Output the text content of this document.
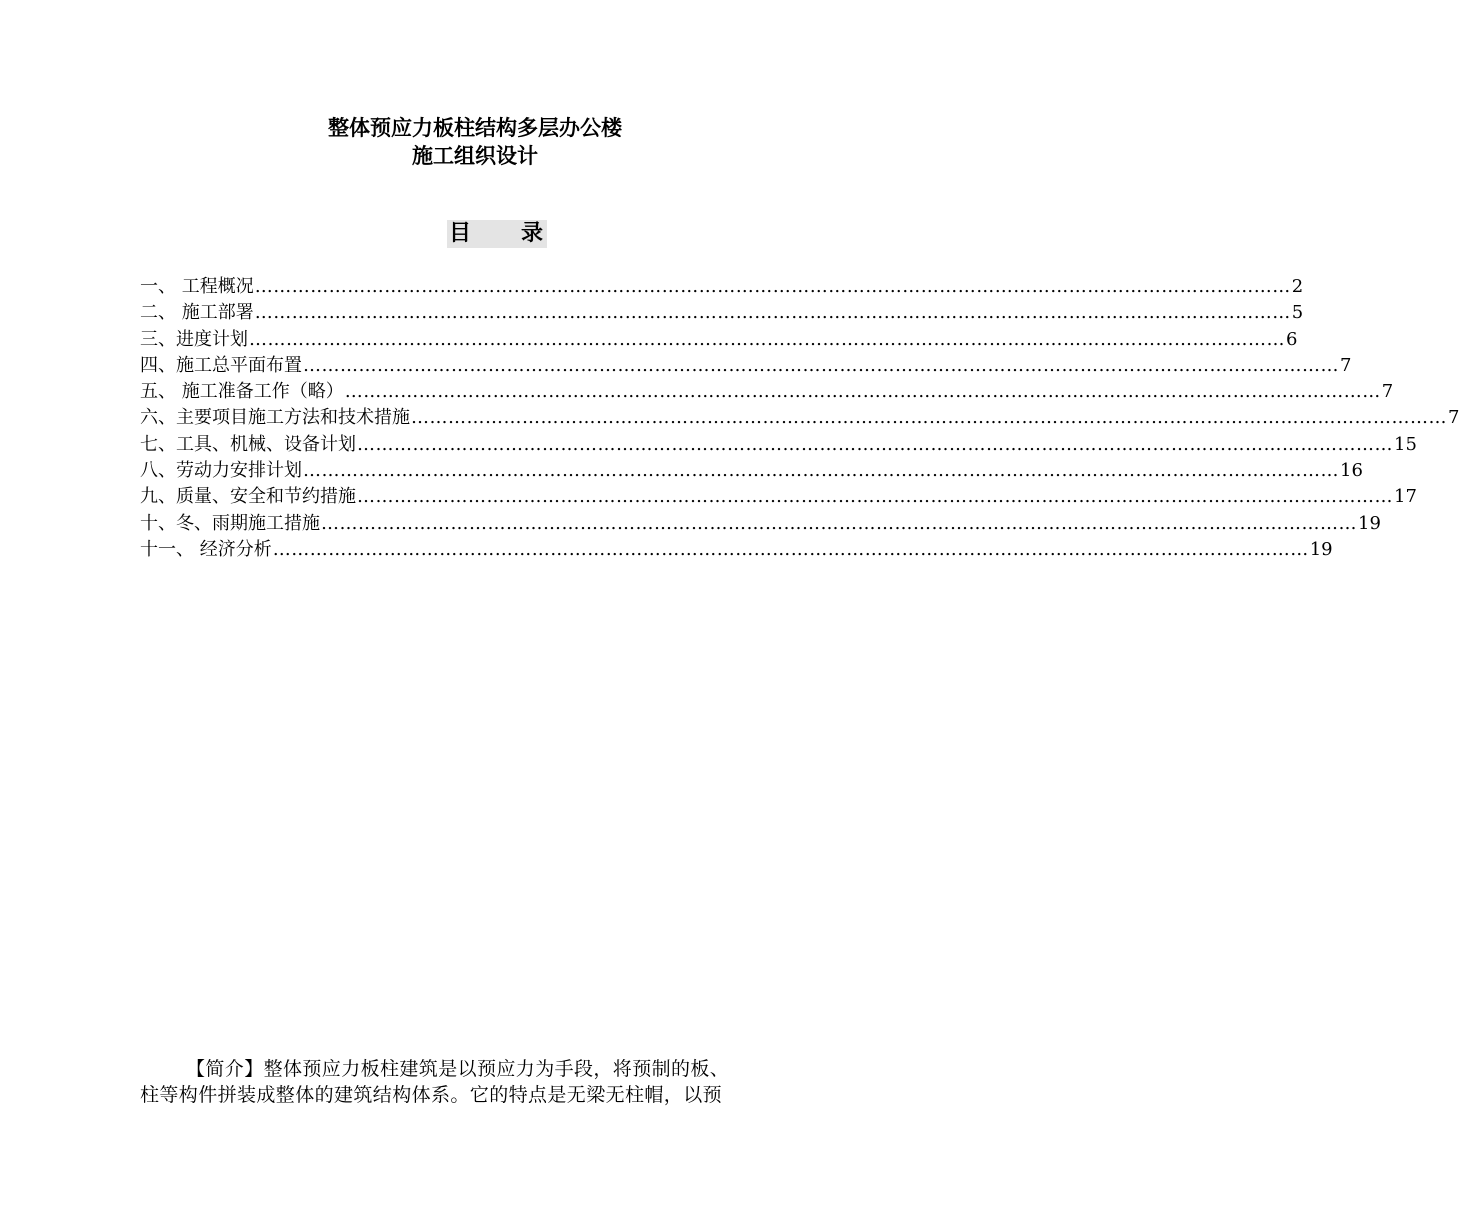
整体预应力板柱结构多层办公楼
施工组织设计
目 录
一、 工程概况 …………………………………………………………………………………………………………………………………………………… 2
二、 施工部署 …………………………………………………………………………………………………………………………………………………… 5
三、进度计划 …………………………………………………………………………………………………………………………………………………… 6
四、施工总平面布置 …………………………………………………………………………………………………………………………………………………… 7
五、 施工准备工作（略） …………………………………………………………………………………………………………………………………………………… 7
六、主要项目施工方法和技术措施 …………………………………………………………………………………………………………………………………………………… 7
七、工具、机械、设备计划 …………………………………………………………………………………………………………………………………………………… 15
八、劳动力安排计划 …………………………………………………………………………………………………………………………………………………… 16
九、质量、安全和节约措施 …………………………………………………………………………………………………………………………………………………… 17
十、冬、雨期施工措施 …………………………………………………………………………………………………………………………………………………… 19
十一、 经济分析 …………………………………………………………………………………………………………………………………………………… 19

【简介】整体预应力板柱建筑是以预应力为手段，将预制的板、

柱等构件拼装成整体的建筑结构体系。它的特点是无梁无柱帽，以预
